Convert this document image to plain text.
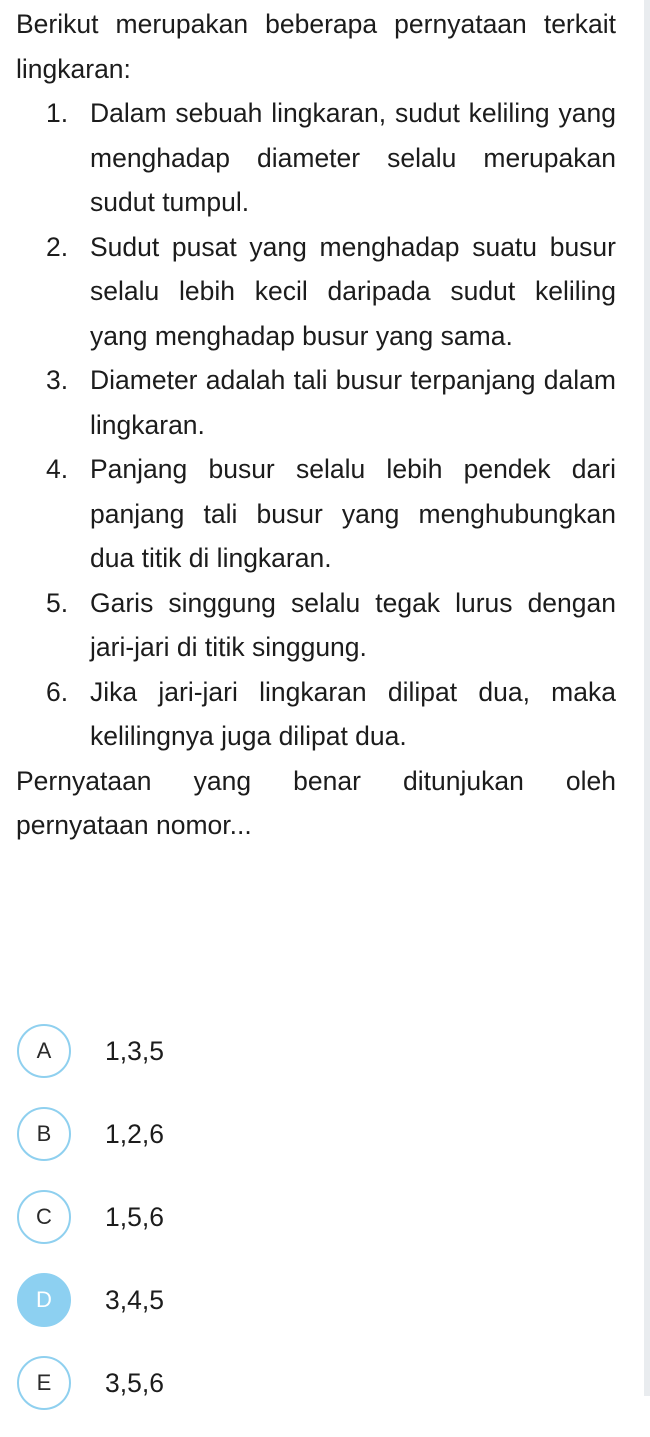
Berikut merupakan beberapa pernyataan terkait lingkaran:

1. Dalam sebuah lingkaran, sudut keliling yang menghadap diameter selalu merupakan sudut tumpul.
2. Sudut pusat yang menghadap suatu busur selalu lebih kecil daripada sudut keliling yang menghadap busur yang sama.
3. Diameter adalah tali busur terpanjang dalam lingkaran.
4. Panjang busur selalu lebih pendek dari panjang tali busur yang menghubungkan dua titik di lingkaran.
5. Garis singgung selalu tegak lurus dengan jari-jari di titik singgung.
6. Jika jari-jari lingkaran dilipat dua, maka kelilingnya juga dilipat dua.

Pernyataan yang benar ditunjukan oleh pernyataan nomor...

A	1,3,5
B	1,2,6
C	1,5,6
D	3,4,5
E	3,5,6
